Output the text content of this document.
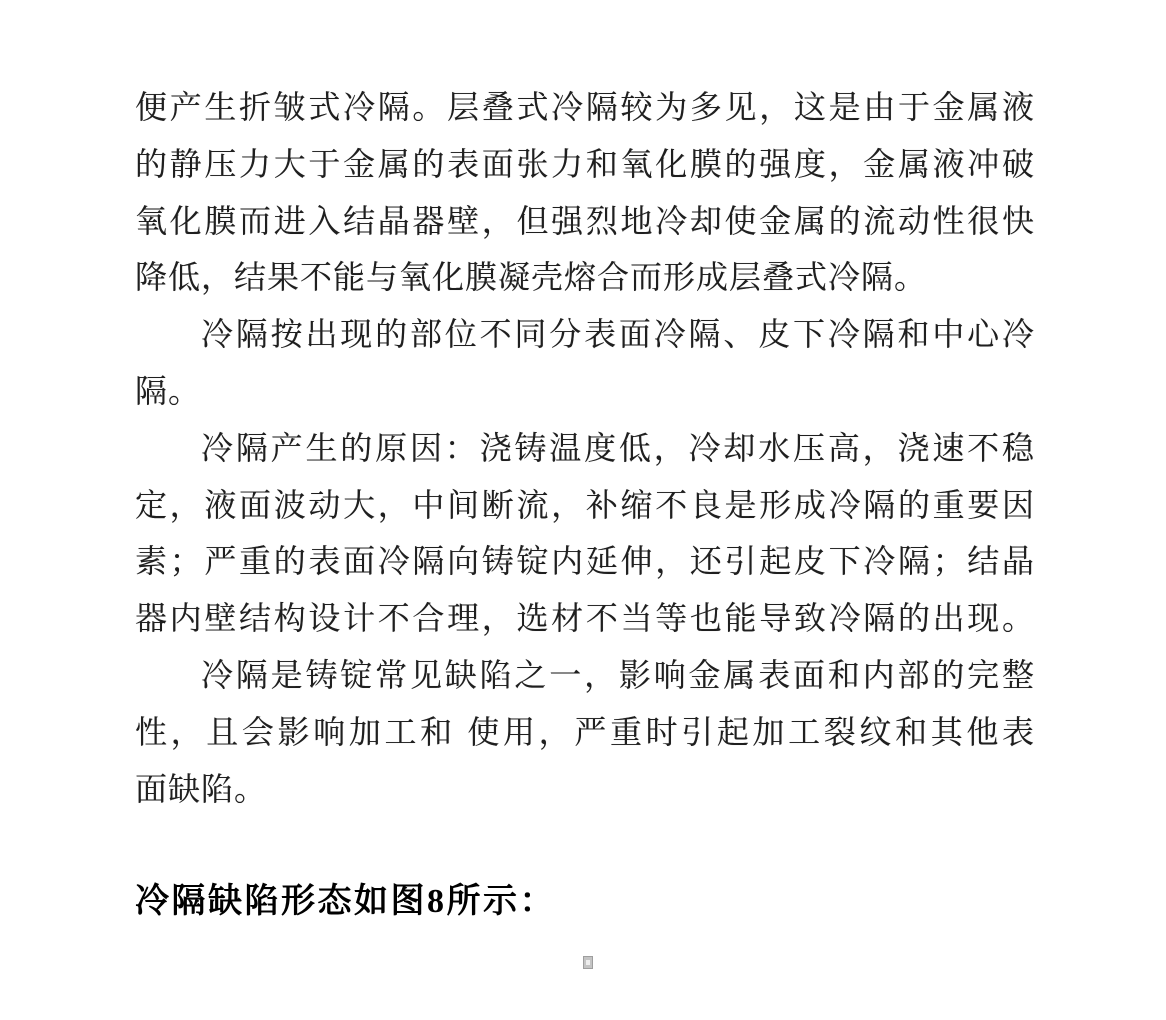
便产生折皱式冷隔。层叠式冷隔较为多见，这是由于金属液
的静压力大于金属的表面张力和氧化膜的强度，金属液冲破
氧化膜而进入结晶器壁，但强烈地冷却使金属的流动性很快
降低，结果不能与氧化膜凝壳熔合而形成层叠式冷隔。
冷隔按出现的部位不同分表面冷隔、皮下冷隔和中心冷
隔。
冷隔产生的原因：浇铸温度低，冷却水压高，浇速不稳
定，液面波动大，中间断流，补缩不良是形成冷隔的重要因
素；严重的表面冷隔向铸锭内延伸，还引起皮下冷隔；结晶
器内壁结构设计不合理，选材不当等也能导致冷隔的出现。
冷隔是铸锭常见缺陷之一，影响金属表面和内部的完整
性，且会影响加工和 使用，严重时引起加工裂纹和其他表
面缺陷。
冷隔缺陷形态如图8所示：
